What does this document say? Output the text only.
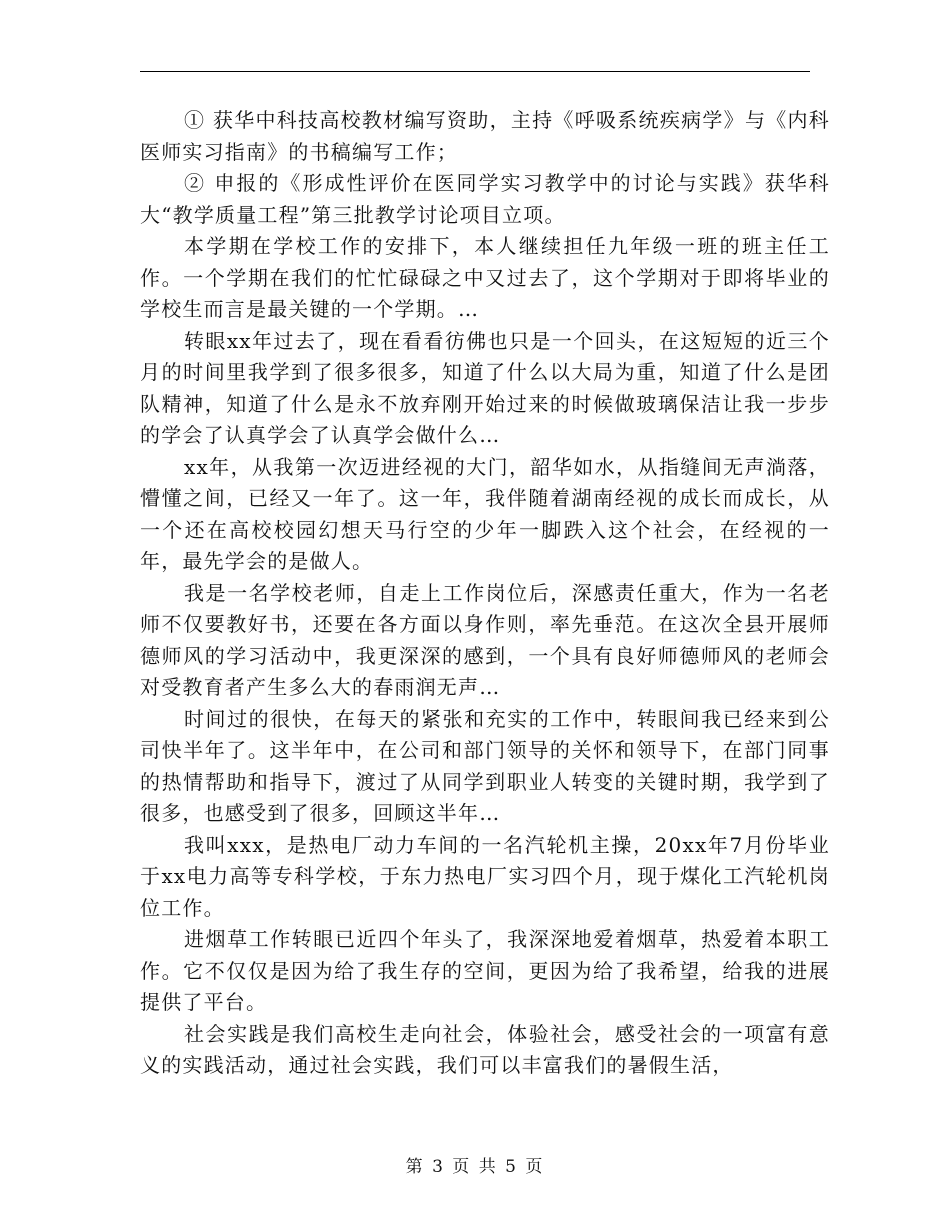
① 获华中科技高校教材编写资助，主持《呼吸系统疾病学》与《内科医师实习指南》的书稿编写工作；

② 申报的《形成性评价在医同学实习教学中的讨论与实践》获华科大“教学质量工程”第三批教学讨论项目立项。

本学期在学校工作的安排下，本人继续担任九年级一班的班主任工作。一个学期在我们的忙忙碌碌之中又过去了，这个学期对于即将毕业的学校生而言是最关键的一个学期。…

转眼xx年过去了，现在看看彷佛也只是一个回头，在这短短的近三个月的时间里我学到了很多很多，知道了什么以大局为重，知道了什么是团队精神，知道了什么是永不放弃刚开始过来的时候做玻璃保洁让我一步步的学会了认真学会了认真学会做什么…

xx年，从我第一次迈进经视的大门，韶华如水，从指缝间无声淌落，懵懂之间，已经又一年了。这一年，我伴随着湖南经视的成长而成长，从一个还在高校校园幻想天马行空的少年一脚跌入这个社会，在经视的一年，最先学会的是做人。

我是一名学校老师，自走上工作岗位后，深感责任重大，作为一名老师不仅要教好书，还要在各方面以身作则，率先垂范。在这次全县开展师德师风的学习活动中，我更深深的感到，一个具有良好师德师风的老师会对受教育者产生多么大的春雨润无声…

时间过的很快，在每天的紧张和充实的工作中，转眼间我已经来到公司快半年了。这半年中，在公司和部门领导的关怀和领导下，在部门同事的热情帮助和指导下，渡过了从同学到职业人转变的关键时期，我学到了很多，也感受到了很多，回顾这半年…

我叫xxx，是热电厂动力车间的一名汽轮机主操，20xx年7月份毕业于xx电力高等专科学校，于东力热电厂实习四个月，现于煤化工汽轮机岗位工作。

进烟草工作转眼已近四个年头了，我深深地爱着烟草，热爱着本职工作。它不仅仅是因为给了我生存的空间，更因为给了我希望，给我的进展提供了平台。

社会实践是我们高校生走向社会，体验社会，感受社会的一项富有意义的实践活动，通过社会实践，我们可以丰富我们的暑假生活，

第 3 页 共 5 页
